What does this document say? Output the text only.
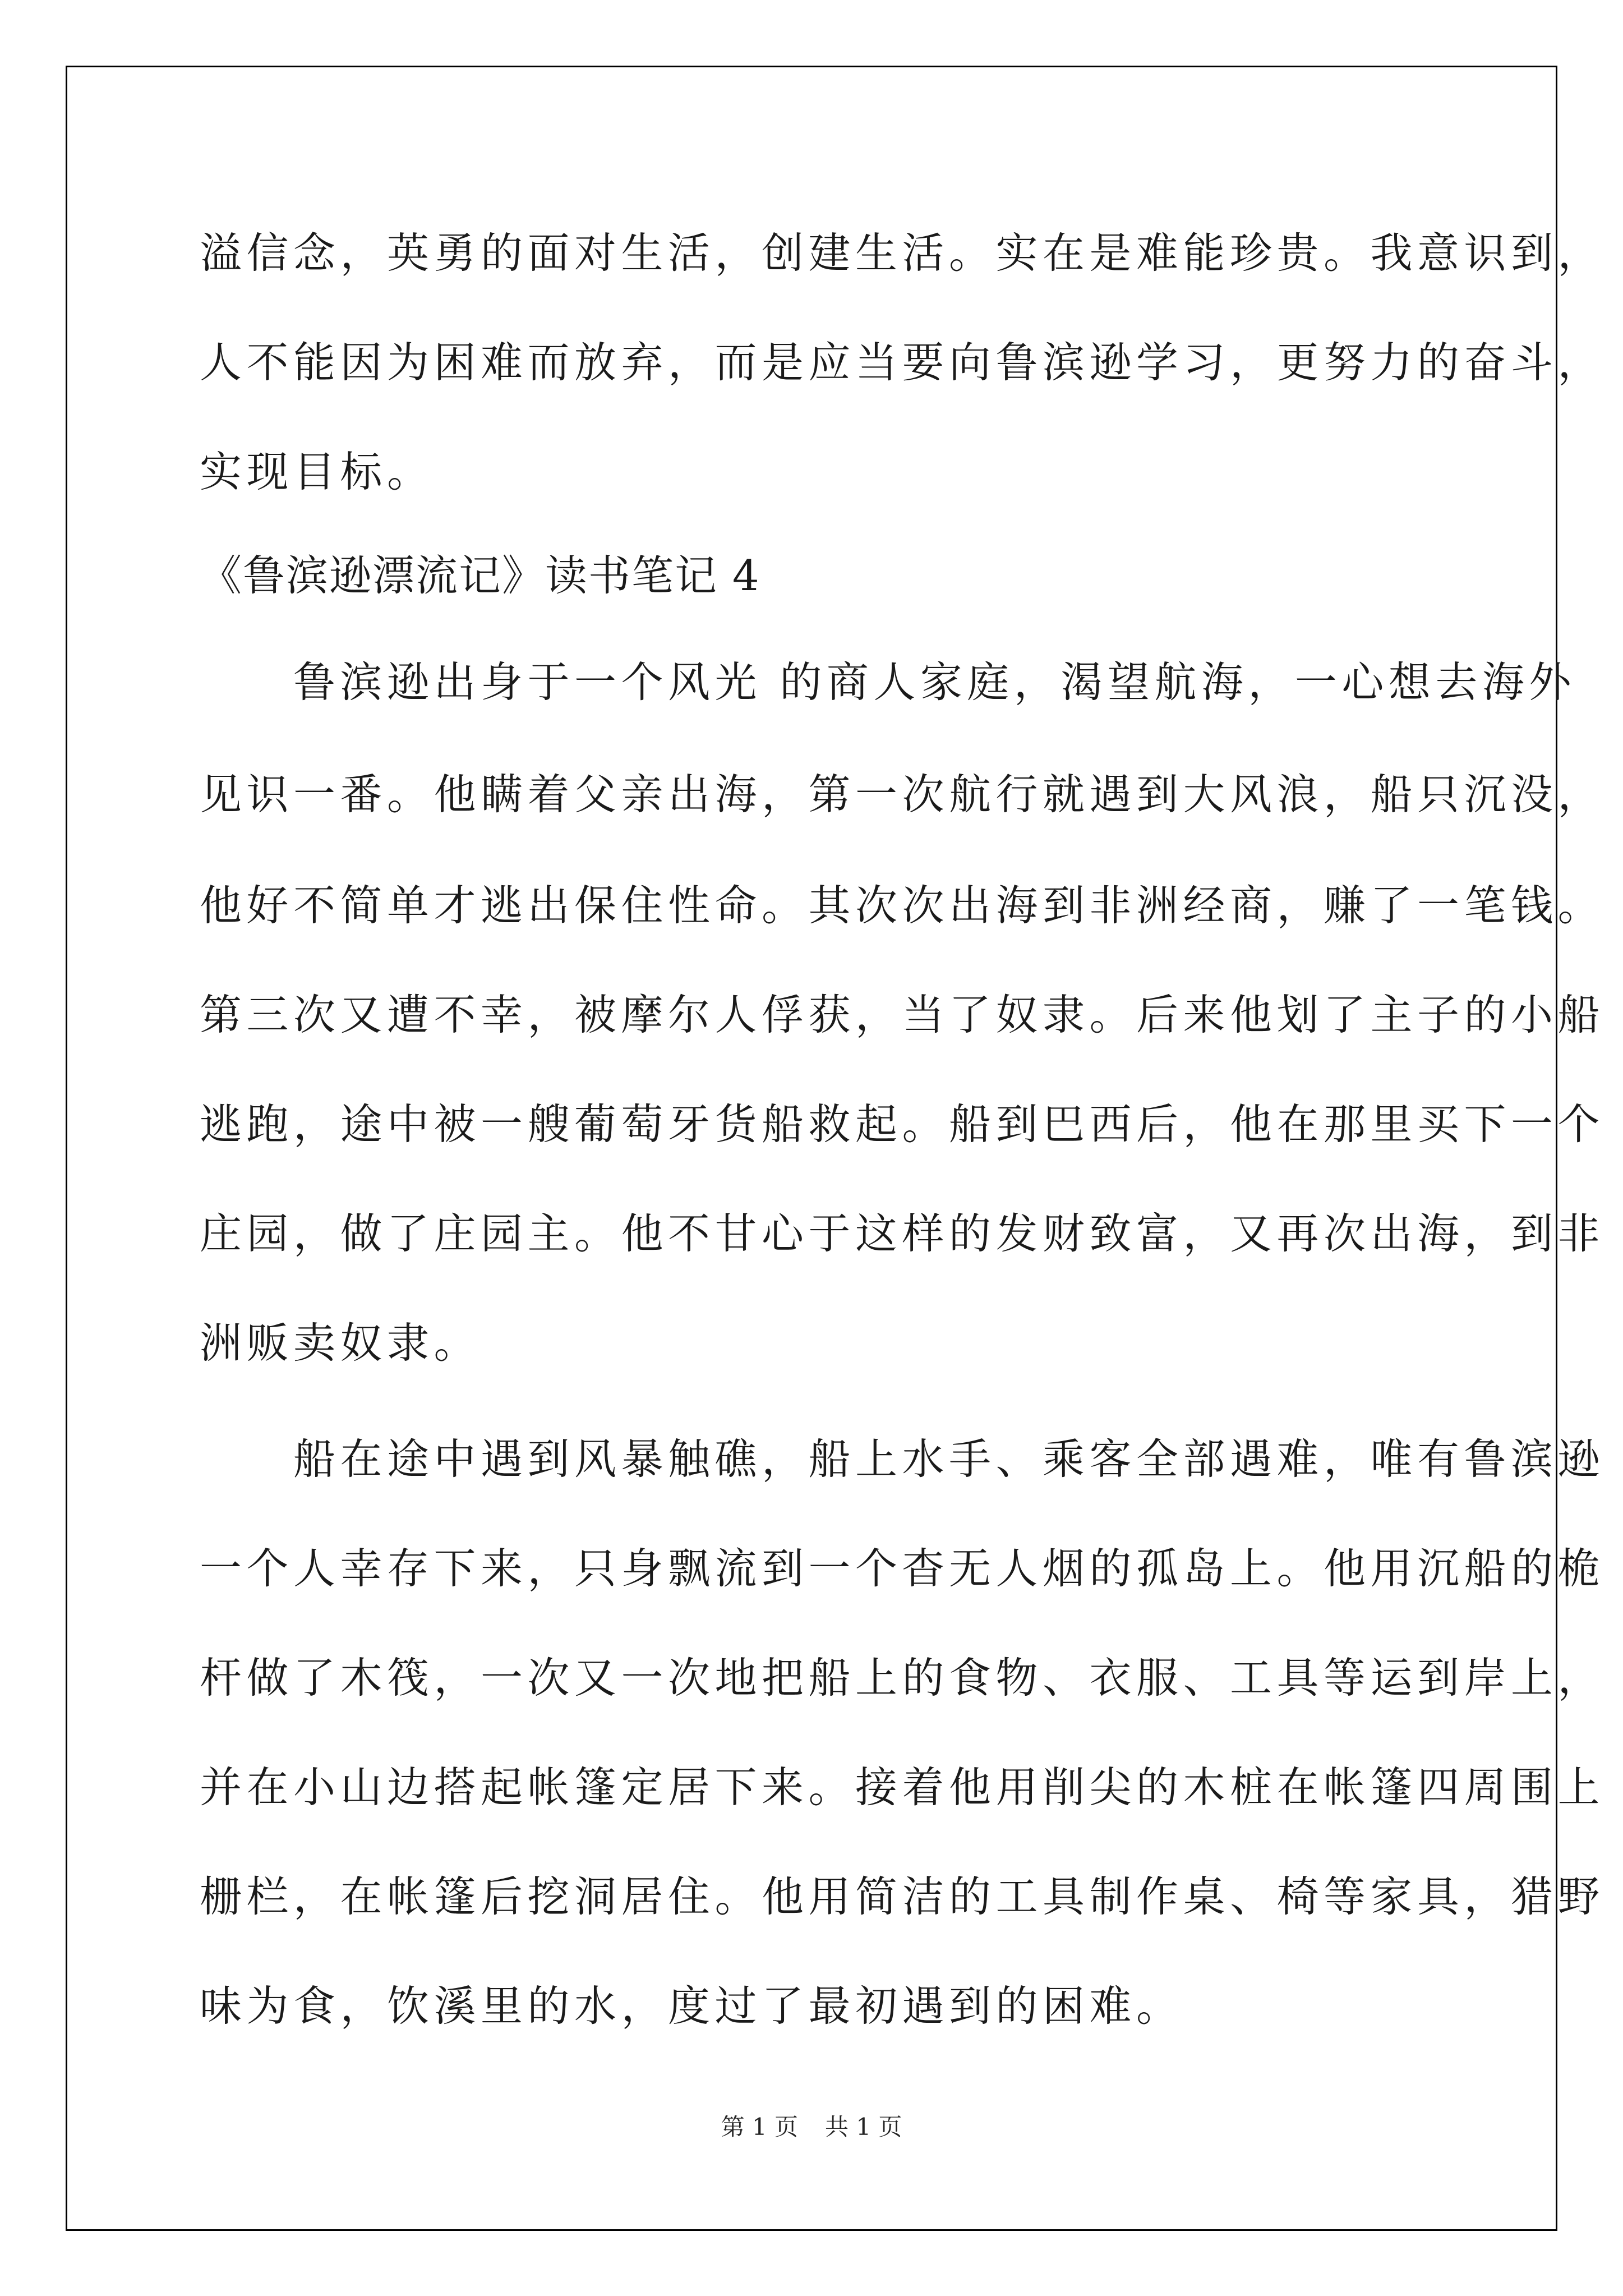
溢信念，英勇的面对生活，创建生活。实在是难能珍贵。我意识到，

人不能因为困难而放弃，而是应当要向鲁滨逊学习，更努力的奋斗，

实现目标。

《鲁滨逊漂流记》读书笔记 4

　　鲁滨逊出身于一个风光 的商人家庭，渴望航海，一心想去海外

见识一番。他瞒着父亲出海，第一次航行就遇到大风浪，船只沉没，

他好不简单才逃出保住性命。其次次出海到非洲经商，赚了一笔钱。

第三次又遭不幸，被摩尔人俘获，当了奴隶。后来他划了主子的小船

逃跑，途中被一艘葡萄牙货船救起。船到巴西后，他在那里买下一个

庄园，做了庄园主。他不甘心于这样的发财致富，又再次出海，到非

洲贩卖奴隶。

　　船在途中遇到风暴触礁，船上水手、乘客全部遇难，唯有鲁滨逊

一个人幸存下来，只身飘流到一个杳无人烟的孤岛上。他用沉船的桅

杆做了木筏，一次又一次地把船上的食物、衣服、工具等运到岸上，

并在小山边搭起帐篷定居下来。接着他用削尖的木桩在帐篷四周围上

栅栏，在帐篷后挖洞居住。他用简洁的工具制作桌、椅等家具，猎野

味为食，饮溪里的水，度过了最初遇到的困难。

第 1 页 共 1 页
